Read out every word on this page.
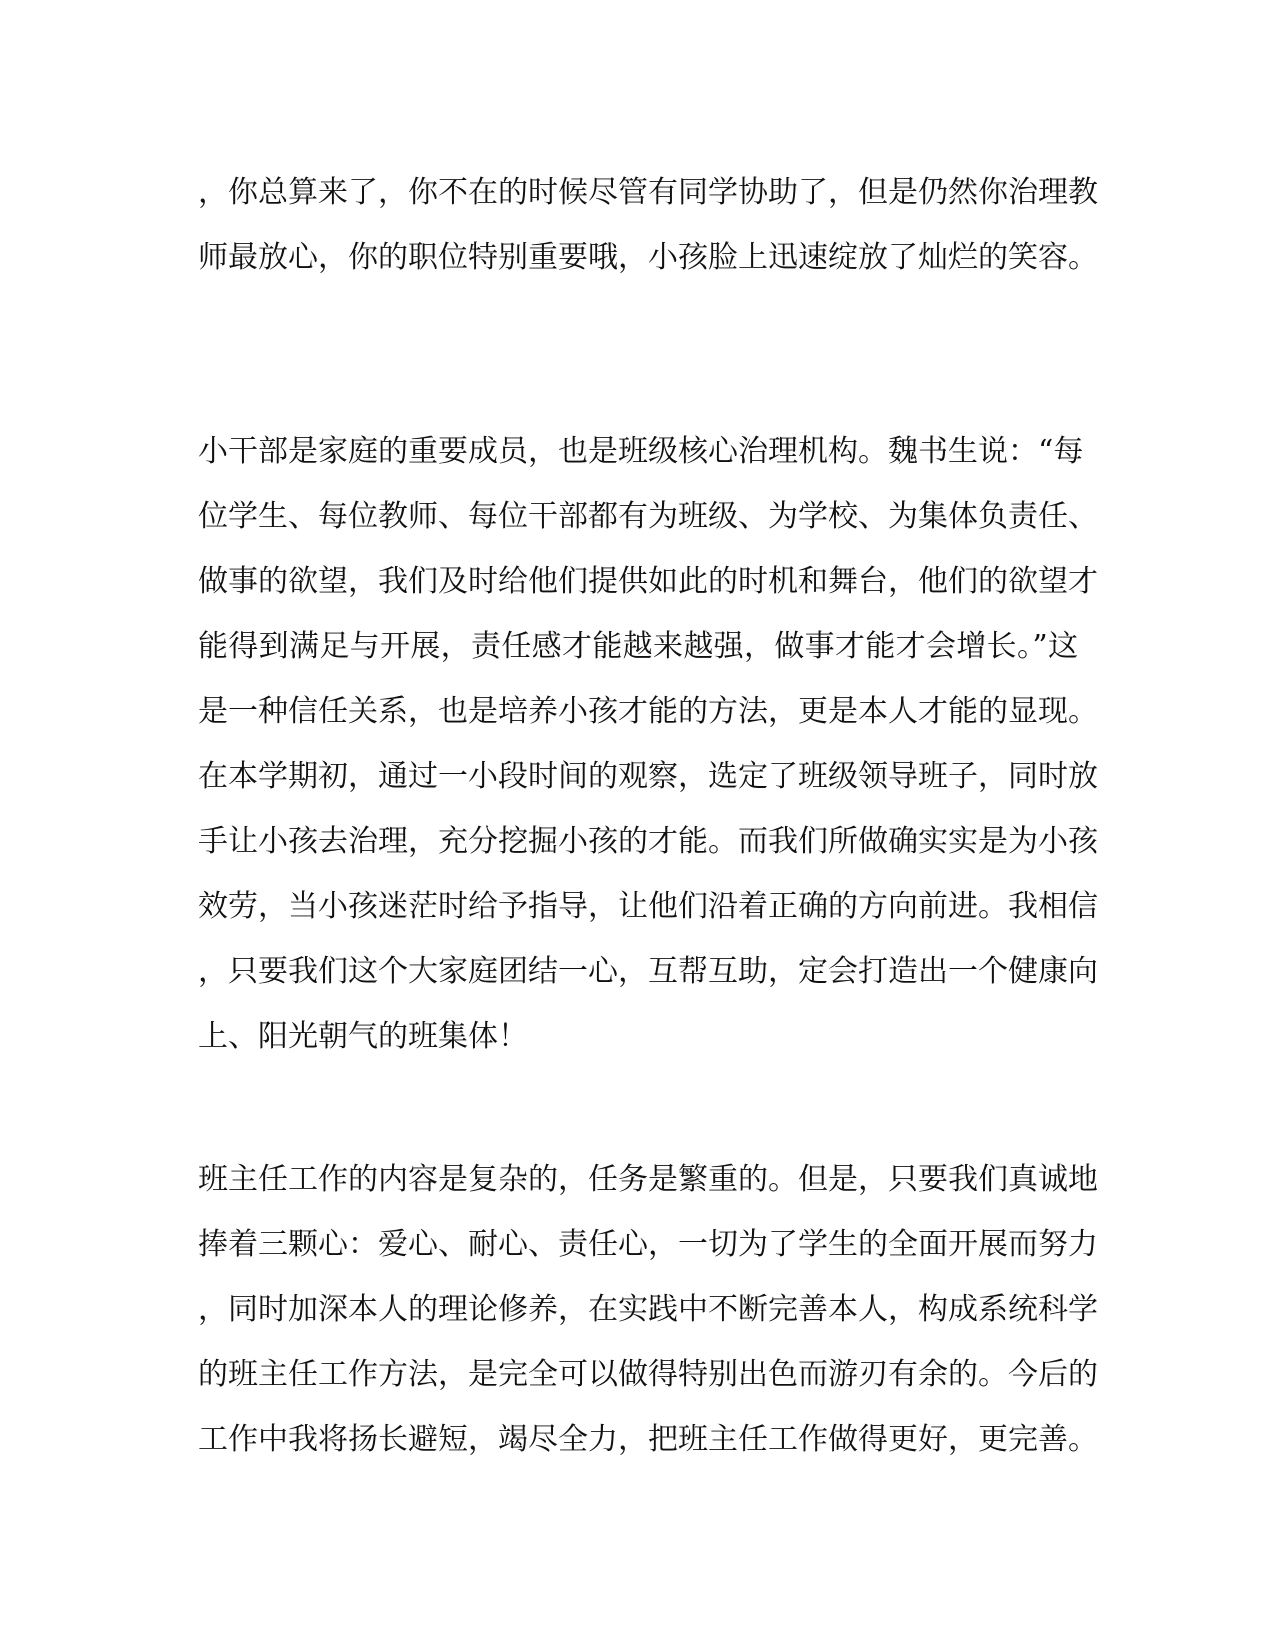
，你总算来了，你不在的时候尽管有同学协助了，但是仍然你治理教
师最放心，你的职位特别重要哦，小孩脸上迅速绽放了灿烂的笑容。
小干部是家庭的重要成员，也是班级核心治理机构。魏书生说：“每
位学生、每位教师、每位干部都有为班级、为学校、为集体负责任、
做事的欲望，我们及时给他们提供如此的时机和舞台，他们的欲望才
能得到满足与开展，责任感才能越来越强，做事才能才会增长。”这
是一种信任关系，也是培养小孩才能的方法，更是本人才能的显现。
在本学期初，通过一小段时间的观察，选定了班级领导班子，同时放
手让小孩去治理，充分挖掘小孩的才能。而我们所做确实实是为小孩
效劳，当小孩迷茫时给予指导，让他们沿着正确的方向前进。我相信
，只要我们这个大家庭团结一心，互帮互助，定会打造出一个健康向
上、阳光朝气的班集体！
班主任工作的内容是复杂的，任务是繁重的。但是，只要我们真诚地
捧着三颗心：爱心、耐心、责任心，一切为了学生的全面开展而努力
，同时加深本人的理论修养，在实践中不断完善本人，构成系统科学
的班主任工作方法，是完全可以做得特别出色而游刃有余的。今后的
工作中我将扬长避短，竭尽全力，把班主任工作做得更好，更完善。
